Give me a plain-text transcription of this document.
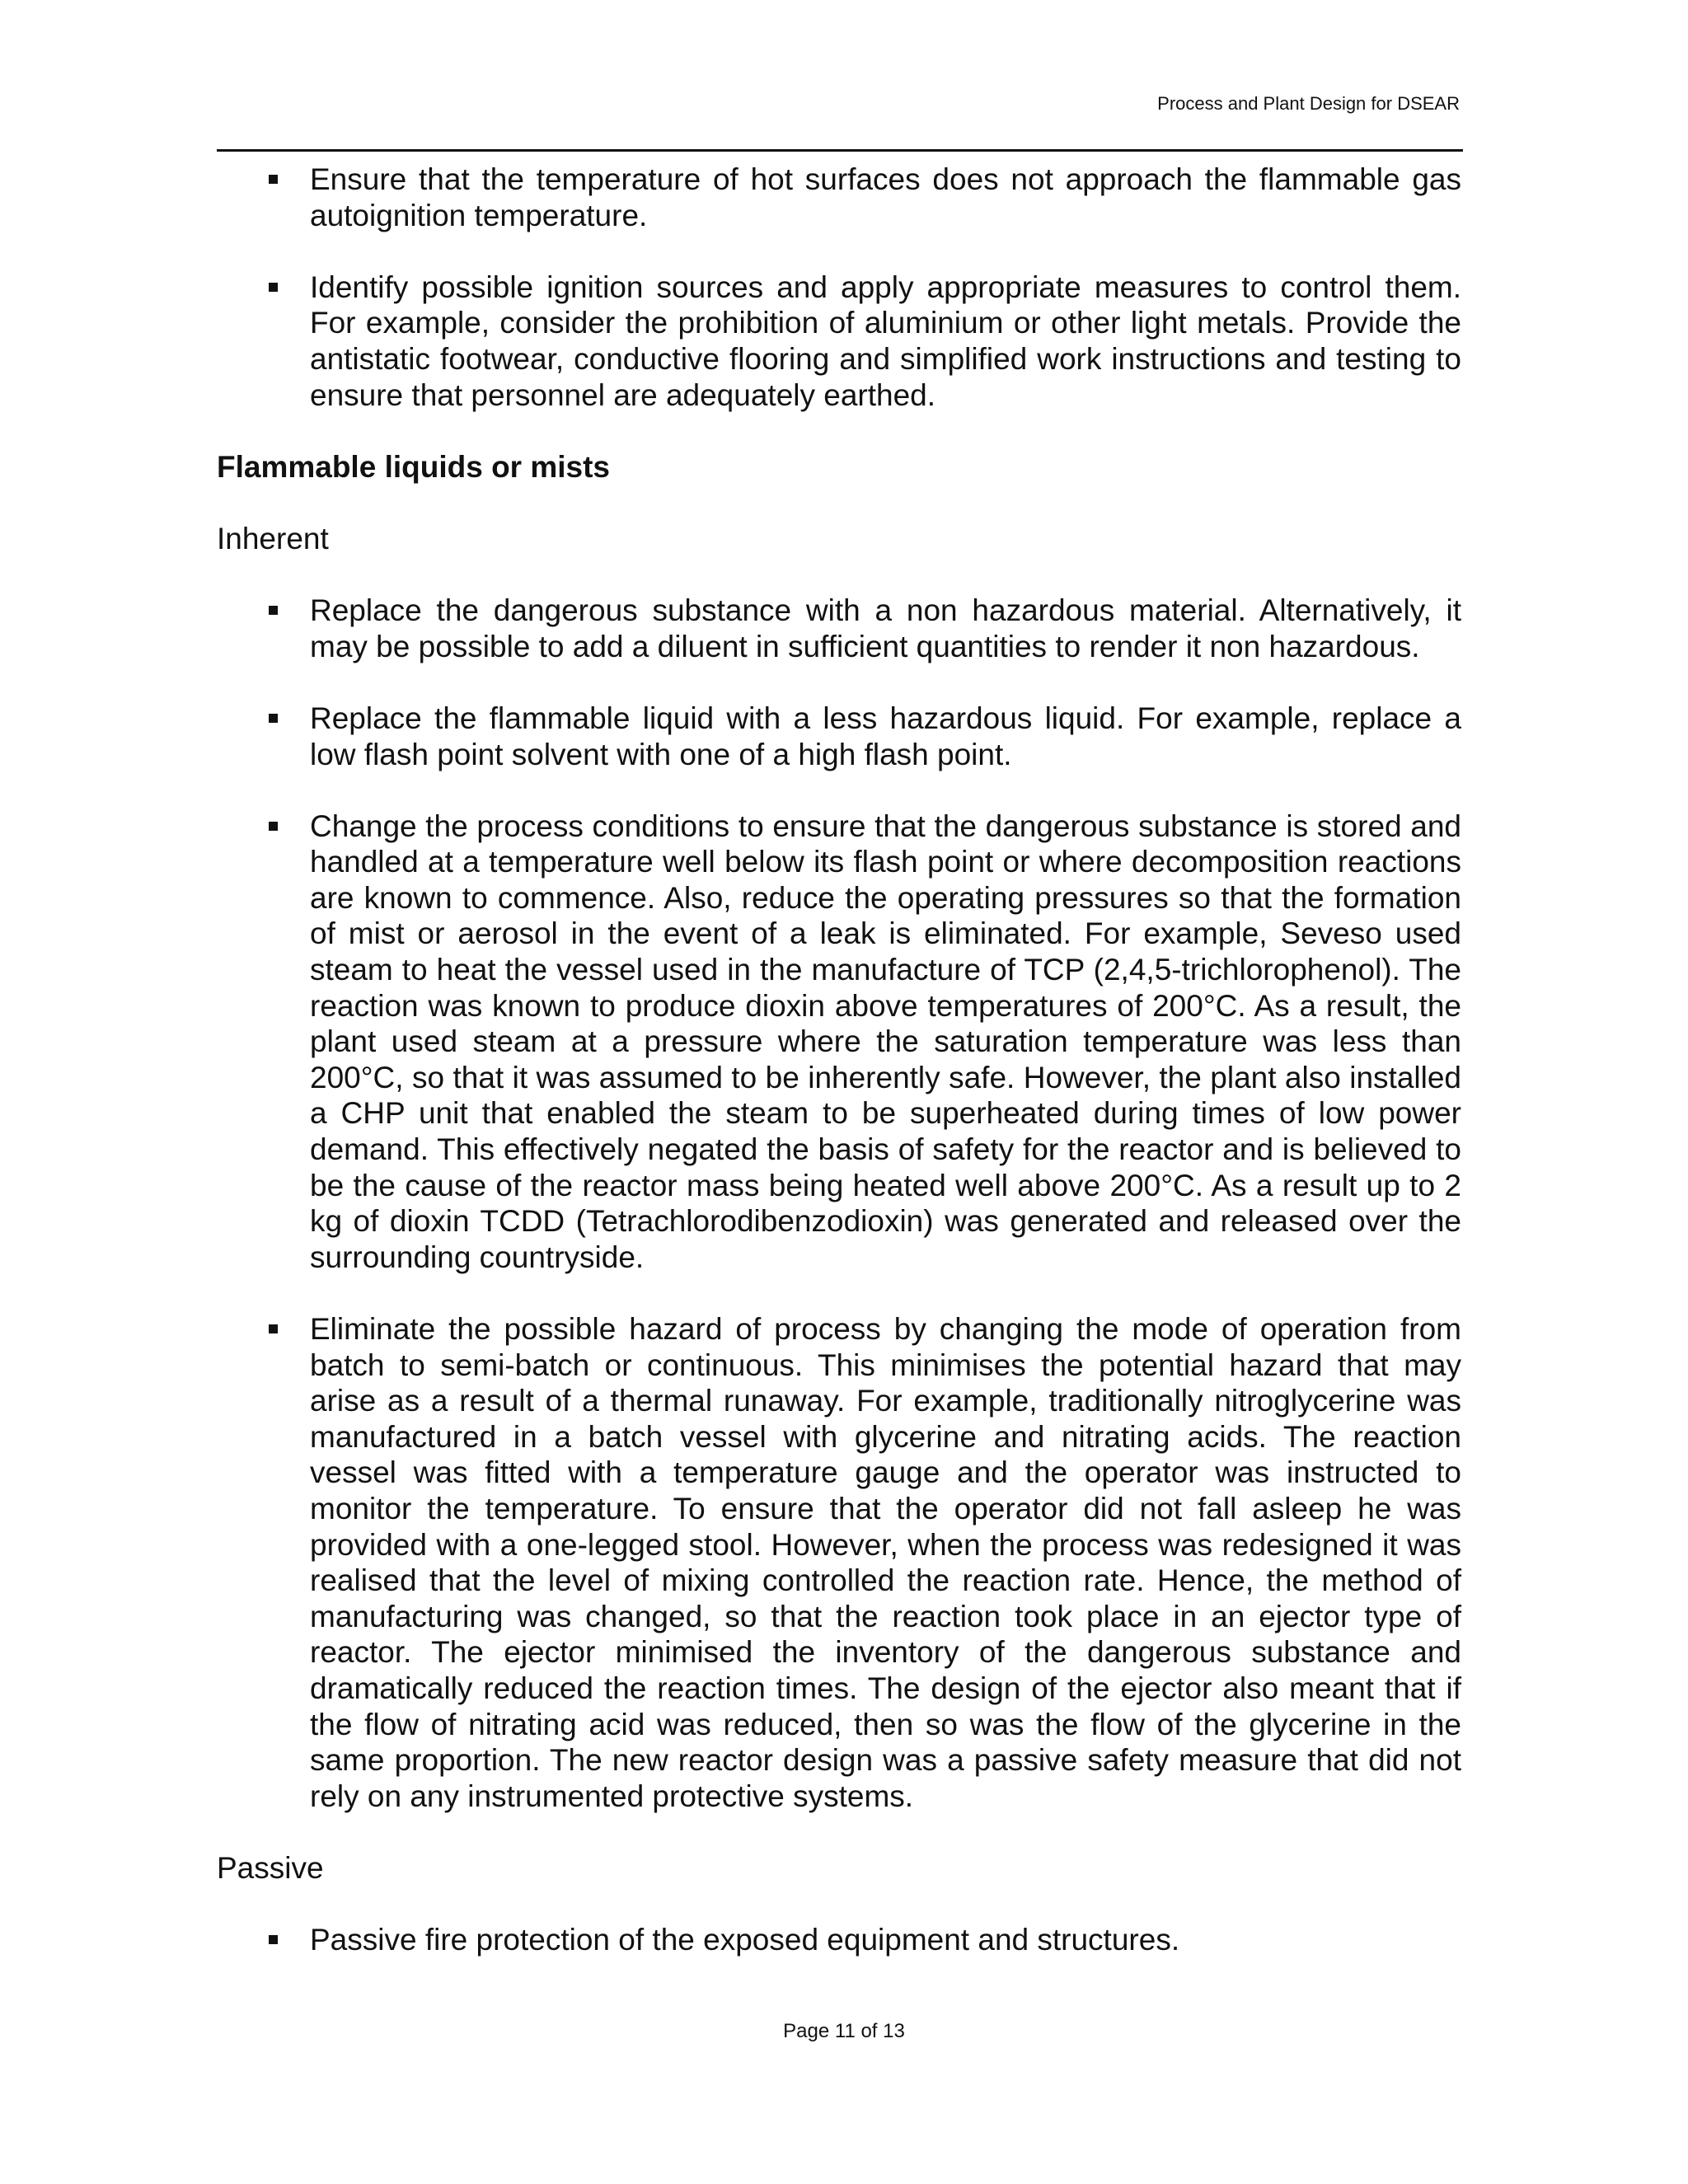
Process and Plant Design for DSEAR
Ensure that the temperature of hot surfaces does not approach the flammable gas autoignition temperature.
Identify possible ignition sources and apply appropriate measures to control them. For example, consider the prohibition of aluminium or other light metals. Provide the antistatic footwear, conductive flooring and simplified work instructions and testing to ensure that personnel are adequately earthed.
Flammable liquids or mists
Inherent
Replace the dangerous substance with a non hazardous material. Alternatively, it may be possible to add a diluent in sufficient quantities to render it non hazardous.
Replace the flammable liquid with a less hazardous liquid. For example, replace a low flash point solvent with one of a high flash point.
Change the process conditions to ensure that the dangerous substance is stored and handled at a temperature well below its flash point or where decomposition reactions are known to commence. Also, reduce the operating pressures so that the formation of mist or aerosol in the event of a leak is eliminated. For example, Seveso used steam to heat the vessel used in the manufacture of TCP (2,4,5-trichlorophenol). The reaction was known to produce dioxin above temperatures of 200°C. As a result, the plant used steam at a pressure where the saturation temperature was less than 200°C, so that it was assumed to be inherently safe. However, the plant also installed a CHP unit that enabled the steam to be superheated during times of low power demand. This effectively negated the basis of safety for the reactor and is believed to be the cause of the reactor mass being heated well above 200°C. As a result up to 2 kg of dioxin TCDD (Tetrachlorodibenzodioxin) was generated and released over the surrounding countryside.
Eliminate the possible hazard of process by changing the mode of operation from batch to semi-batch or continuous. This minimises the potential hazard that may arise as a result of a thermal runaway. For example, traditionally nitroglycerine was manufactured in a batch vessel with glycerine and nitrating acids. The reaction vessel was fitted with a temperature gauge and the operator was instructed to monitor the temperature. To ensure that the operator did not fall asleep he was provided with a one-legged stool. However, when the process was redesigned it was realised that the level of mixing controlled the reaction rate. Hence, the method of manufacturing was changed, so that the reaction took place in an ejector type of reactor. The ejector minimised the inventory of the dangerous substance and dramatically reduced the reaction times. The design of the ejector also meant that if the flow of nitrating acid was reduced, then so was the flow of the glycerine in the same proportion. The new reactor design was a passive safety measure that did not rely on any instrumented protective systems.
Passive
Passive fire protection of the exposed equipment and structures.
Page 11 of 13
